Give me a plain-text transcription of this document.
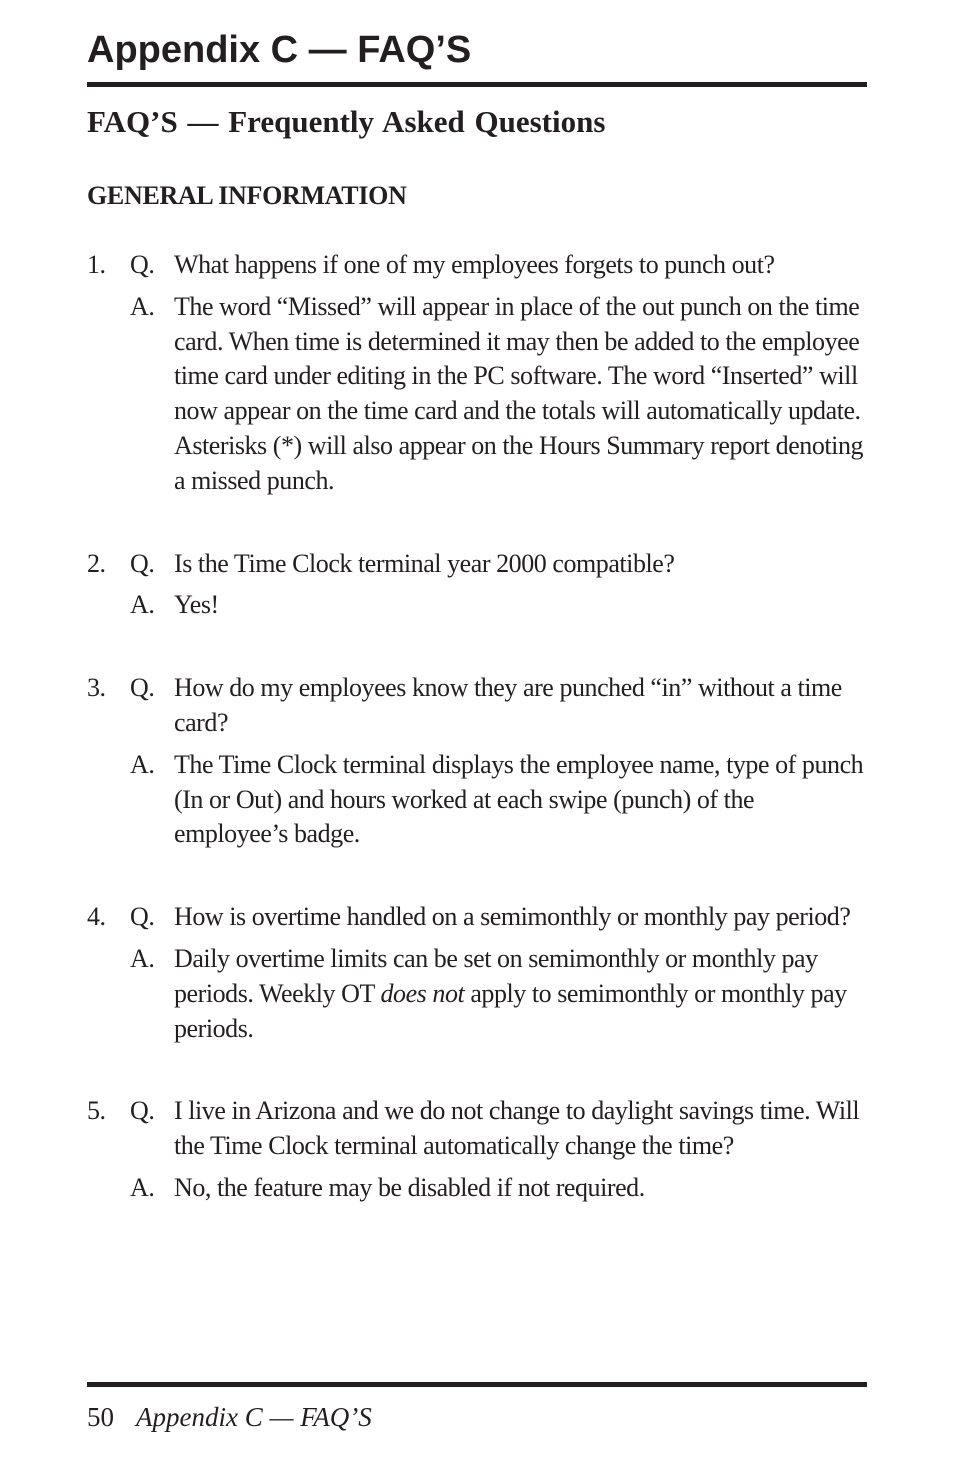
Appendix C — FAQ’S
FAQ’S — Frequently Asked Questions
GENERAL INFORMATION
1. Q. What happens if one of my employees forgets to punch out?
A. The word “Missed” will appear in place of the out punch on the time card. When time is determined it may then be added to the employee time card under editing in the PC software. The word “Inserted” will now appear on the time card and the totals will automatically update. Asterisks (*) will also appear on the Hours Summary report denoting a missed punch.
2. Q. Is the Time Clock terminal year 2000 compatible?
A. Yes!
3. Q. How do my employees know they are punched “in” without a time card?
A. The Time Clock terminal displays the employee name, type of punch (In or Out) and hours worked at each swipe (punch) of the employee’s badge.
4. Q. How is overtime handled on a semimonthly or monthly pay period?
A. Daily overtime limits can be set on semimonthly or monthly pay periods. Weekly OT does not apply to semimonthly or monthly pay periods.
5. Q. I live in Arizona and we do not change to daylight savings time. Will the Time Clock terminal automatically change the time?
A. No, the feature may be disabled if not required.
50 Appendix C — FAQ’S
